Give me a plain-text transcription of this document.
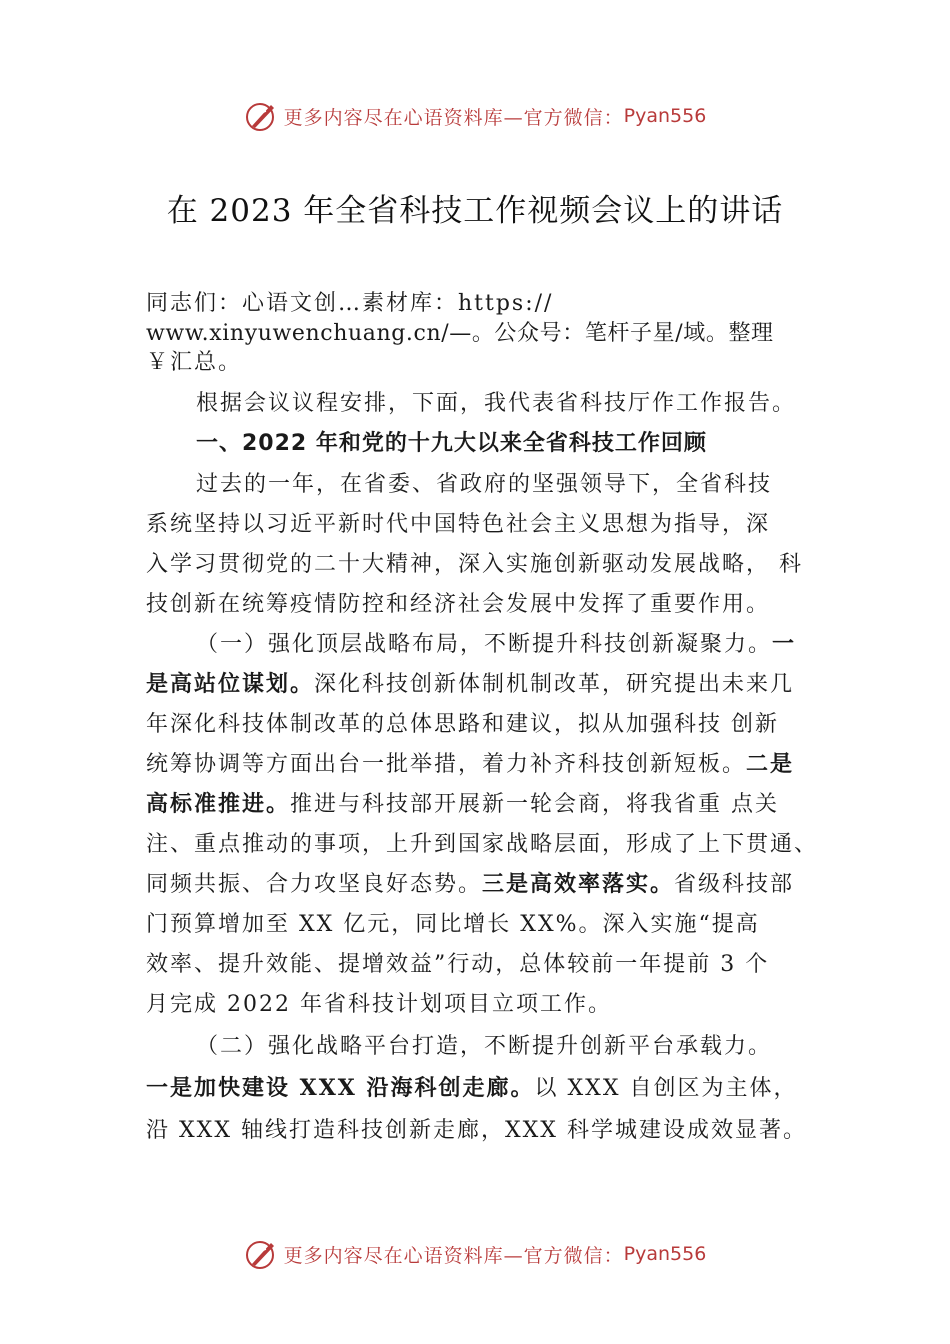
更多内容尽在心语资料库—官方微信： Pyan556
在 2023 年全省科技工作视频会议上的讲话
同志们：心语文创…素材库：https://
www.xinyuwenchuang.cn/—。公众号：笔杆子星/域。整理
￥汇总。
根据会议议程安排，下面，我代表省科技厅作工作报告。
一、2022 年和党的十九大以来全省科技工作回顾
过去的一年，在省委、省政府的坚强领导下，全省科技
系统坚持以习近平新时代中国特色社会主义思想为指导，深
入学习贯彻党的二十大精神，深入实施创新驱动发展战略， 科
技创新在统筹疫情防控和经济社会发展中发挥了重要作用。
（一）强化顶层战略布局，不断提升科技创新凝聚力。一
是高站位谋划。深化科技创新体制机制改革，研究提出未来几
年深化科技体制改革的总体思路和建议，拟从加强科技 创新
统筹协调等方面出台一批举措，着力补齐科技创新短板。二是
高标准推进。推进与科技部开展新一轮会商，将我省重 点关
注、重点推动的事项，上升到国家战略层面，形成了上下贯通、
同频共振、合力攻坚良好态势。三是高效率落实。省级科技部
门预算增加至 XX 亿元，同比增长 XX%。深入实施“提高
效率、提升效能、提增效益”行动，总体较前一年提前 3 个
月完成 2022 年省科技计划项目立项工作。
（二）强化战略平台打造，不断提升创新平台承载力。
一是加快建设 XXX 沿海科创走廊。以 XXX 自创区为主体，
沿 XXX 轴线打造科技创新走廊，XXX 科学城建设成效显著。
更多内容尽在心语资料库—官方微信： Pyan556
